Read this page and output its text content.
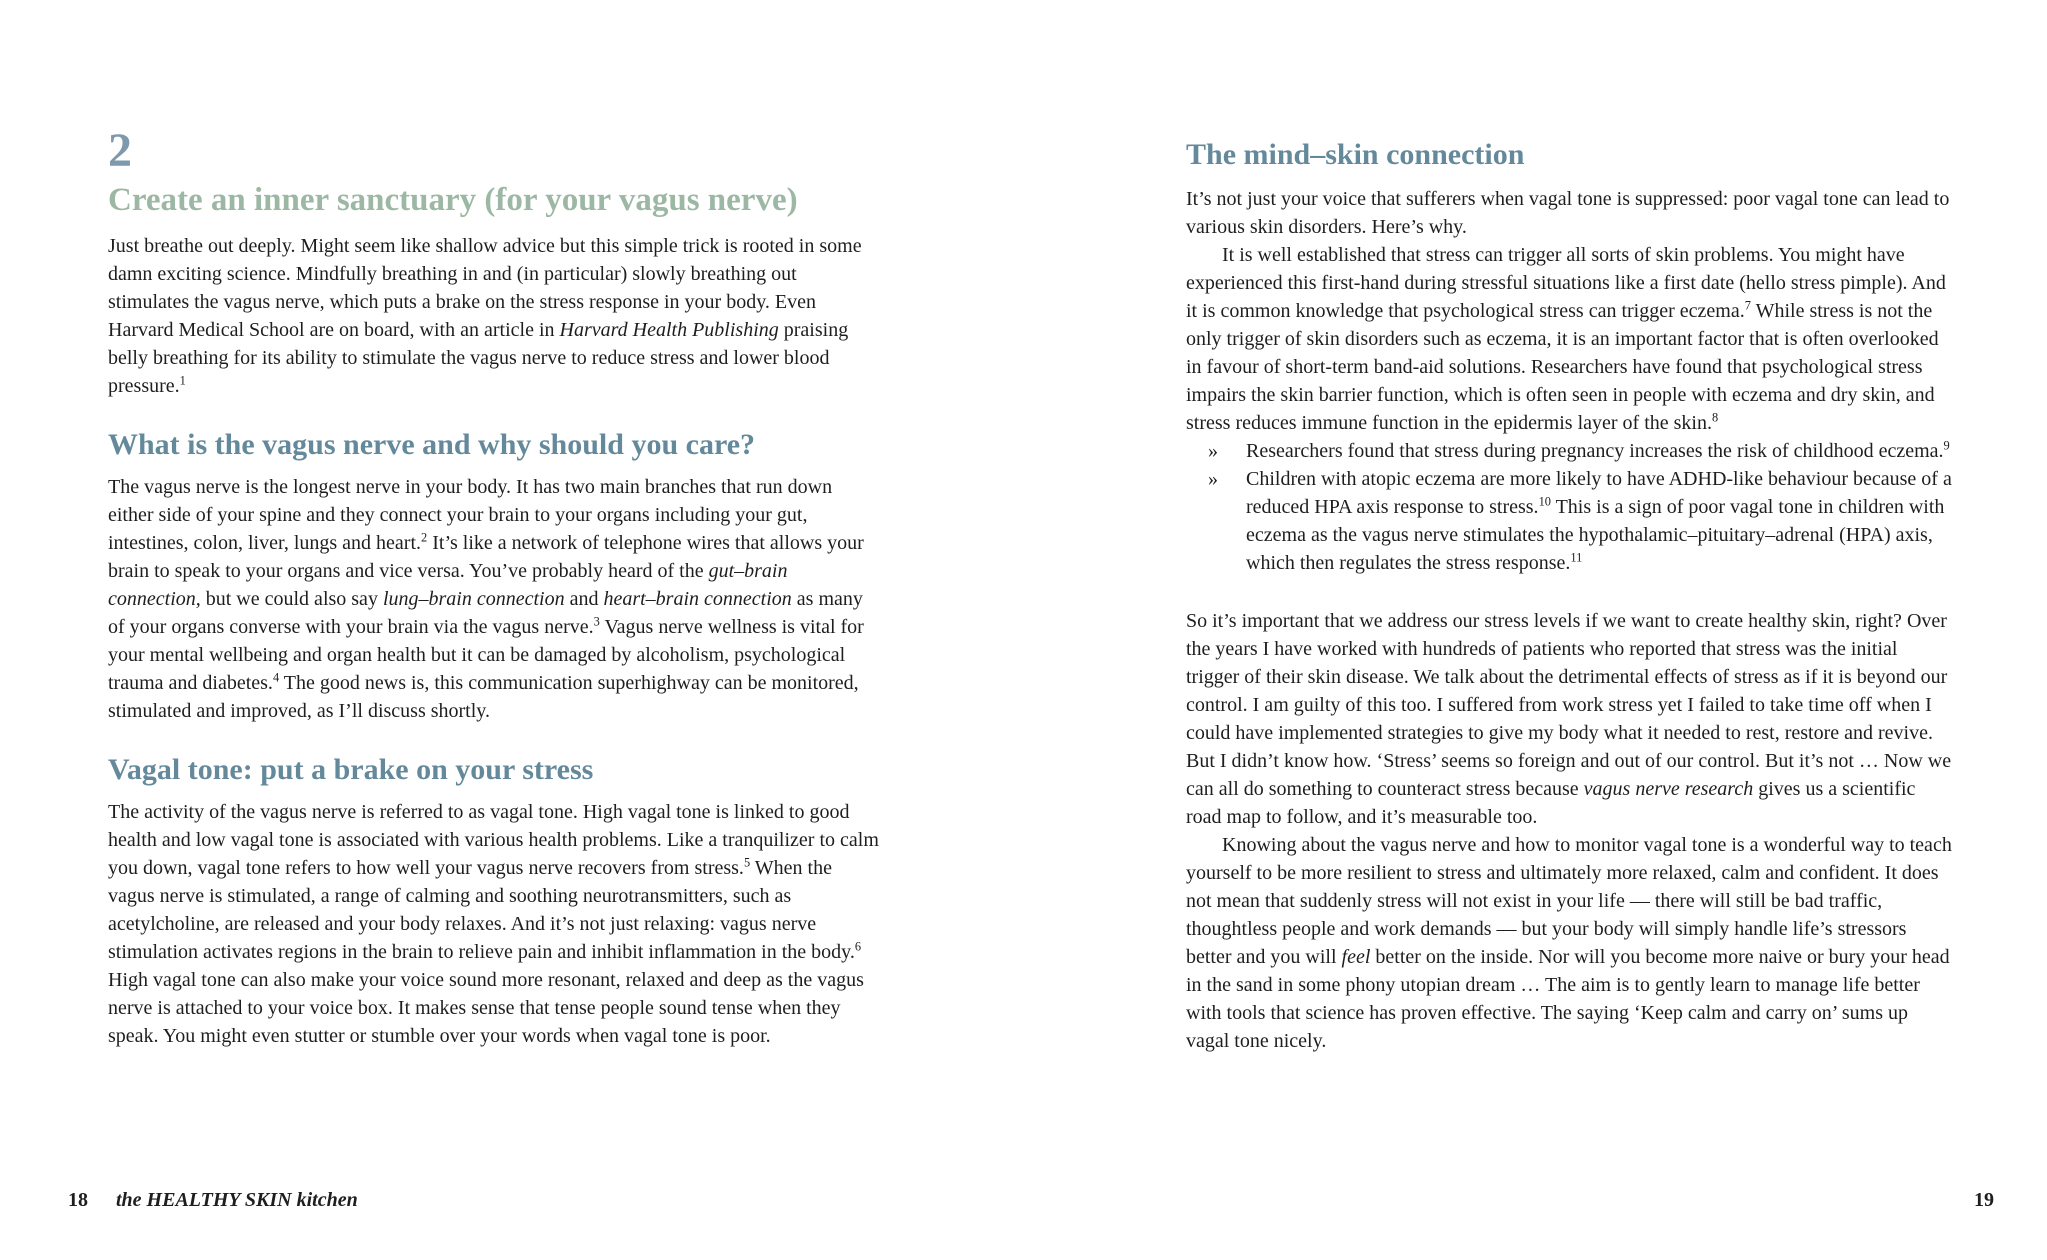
2
Create an inner sanctuary (for your vagus nerve)

Just breathe out deeply. Might seem like shallow advice but this simple trick is rooted in some damn exciting science. Mindfully breathing in and (in particular) slowly breathing out stimulates the vagus nerve, which puts a brake on the stress response in your body. Even Harvard Medical School are on board, with an article in Harvard Health Publishing praising belly breathing for its ability to stimulate the vagus nerve to reduce stress and lower blood pressure.$^1$

What is the vagus nerve and why should you care?

The vagus nerve is the longest nerve in your body. It has two main branches that run down either side of your spine and they connect your brain to your organs including your gut, intestines, colon, liver, lungs and heart.$^2$ It’s like a network of telephone wires that allows your brain to speak to your organs and vice versa. You’ve probably heard of the gut–brain connection, but we could also say lung–brain connection and heart–brain connection as many of your organs converse with your brain via the vagus nerve.$^3$ Vagus nerve wellness is vital for your mental wellbeing and organ health but it can be damaged by alcoholism, psychological trauma and diabetes.$^4$ The good news is, this communication superhighway can be monitored, stimulated and improved, as I’ll discuss shortly.

Vagal tone: put a brake on your stress

The activity of the vagus nerve is referred to as vagal tone. High vagal tone is linked to good health and low vagal tone is associated with various health problems. Like a tranquilizer to calm you down, vagal tone refers to how well your vagus nerve recovers from stress.$^5$ When the vagus nerve is stimulated, a range of calming and soothing neurotransmitters, such as acetylcholine, are released and your body relaxes. And it’s not just relaxing: vagus nerve stimulation activates regions in the brain to relieve pain and inhibit inflammation in the body.$^6$ High vagal tone can also make your voice sound more resonant, relaxed and deep as the vagus nerve is attached to your voice box. It makes sense that tense people sound tense when they speak. You might even stutter or stumble over your words when vagal tone is poor.

The mind–skin connection

It’s not just your voice that sufferers when vagal tone is suppressed: poor vagal tone can lead to various skin disorders. Here’s why.

It is well established that stress can trigger all sorts of skin problems. You might have experienced this first-hand during stressful situations like a first date (hello stress pimple). And it is common knowledge that psychological stress can trigger eczema.$^7$ While stress is not the only trigger of skin disorders such as eczema, it is an important factor that is often overlooked in favour of short-term band-aid solutions. Researchers have found that psychological stress impairs the skin barrier function, which is often seen in people with eczema and dry skin, and stress reduces immune function in the epidermis layer of the skin.$^8$

» Researchers found that stress during pregnancy increases the risk of childhood eczema.$^9$
» Children with atopic eczema are more likely to have ADHD-like behaviour because of a reduced HPA axis response to stress.$^{10}$ This is a sign of poor vagal tone in children with eczema as the vagus nerve stimulates the hypothalamic–pituitary–adrenal (HPA) axis, which then regulates the stress response.$^{11}$

So it’s important that we address our stress levels if we want to create healthy skin, right? Over the years I have worked with hundreds of patients who reported that stress was the initial trigger of their skin disease. We talk about the detrimental effects of stress as if it is beyond our control. I am guilty of this too. I suffered from work stress yet I failed to take time off when I could have implemented strategies to give my body what it needed to rest, restore and revive. But I didn’t know how. ‘Stress’ seems so foreign and out of our control. But it’s not … Now we can all do something to counteract stress because vagus nerve research gives us a scientific road map to follow, and it’s measurable too.

Knowing about the vagus nerve and how to monitor vagal tone is a wonderful way to teach yourself to be more resilient to stress and ultimately more relaxed, calm and confident. It does not mean that suddenly stress will not exist in your life — there will still be bad traffic, thoughtless people and work demands — but your body will simply handle life’s stressors better and you will feel better on the inside. Nor will you become more naive or bury your head in the sand in some phony utopian dream … The aim is to gently learn to manage life better with tools that science has proven effective. The saying ‘Keep calm and carry on’ sums up vagal tone nicely.

18 the HEALTHY SKIN kitchen	19
